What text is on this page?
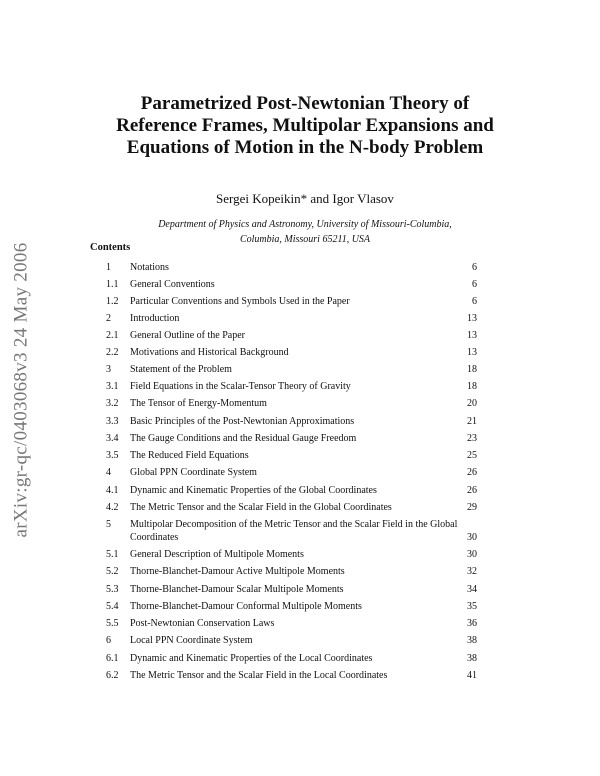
arXiv:gr-qc/0403068v3 24 May 2006
Parametrized Post-Newtonian Theory of
Reference Frames, Multipolar Expansions and
Equations of Motion in the N-body Problem
Sergei Kopeikin* and Igor Vlasov
Department of Physics and Astronomy, University of Missouri-Columbia,
Columbia, Missouri 65211, USA
Contents
1 Notations	6
1.1 General Conventions	6
1.2 Particular Conventions and Symbols Used in the Paper	6
2 Introduction	13
2.1 General Outline of the Paper	13
2.2 Motivations and Historical Background	13
3 Statement of the Problem	18
3.1 Field Equations in the Scalar-Tensor Theory of Gravity	18
3.2 The Tensor of Energy-Momentum	20
3.3 Basic Principles of the Post-Newtonian Approximations	21
3.4 The Gauge Conditions and the Residual Gauge Freedom	23
3.5 The Reduced Field Equations	25
4 Global PPN Coordinate System	26
4.1 Dynamic and Kinematic Properties of the Global Coordinates	26
4.2 The Metric Tensor and the Scalar Field in the Global Coordinates	29
5 Multipolar Decomposition of the Metric Tensor and the Scalar Field in the Global Coordinates	30
5.1 General Description of Multipole Moments	30
5.2 Thorne-Blanchet-Damour Active Multipole Moments	32
5.3 Thorne-Blanchet-Damour Scalar Multipole Moments	34
5.4 Thorne-Blanchet-Damour Conformal Multipole Moments	35
5.5 Post-Newtonian Conservation Laws	36
6 Local PPN Coordinate System	38
6.1 Dynamic and Kinematic Properties of the Local Coordinates	38
6.2 The Metric Tensor and the Scalar Field in the Local Coordinates	41
